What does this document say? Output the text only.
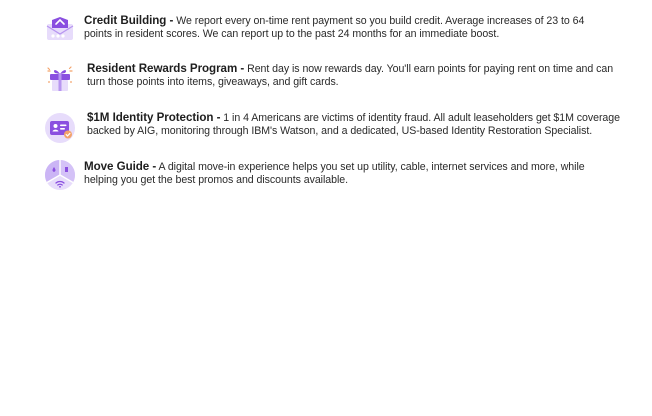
Credit Building - We report every on-time rent payment so you build credit. Average increases of 23 to 64 points in resident scores. We can report up to the past 24 months for an immediate boost.
Resident Rewards Program - Rent day is now rewards day. You'll earn points for paying rent on time and can turn those points into items, giveaways, and gift cards.
$1M Identity Protection - 1 in 4 Americans are victims of identity fraud. All adult leaseholders get $1M coverage backed by AIG, monitoring through IBM's Watson, and a dedicated, US-based Identity Restoration Specialist.
Move Guide - A digital move-in experience helps you set up utility, cable, internet services and more, while helping you get the best promos and discounts available.
